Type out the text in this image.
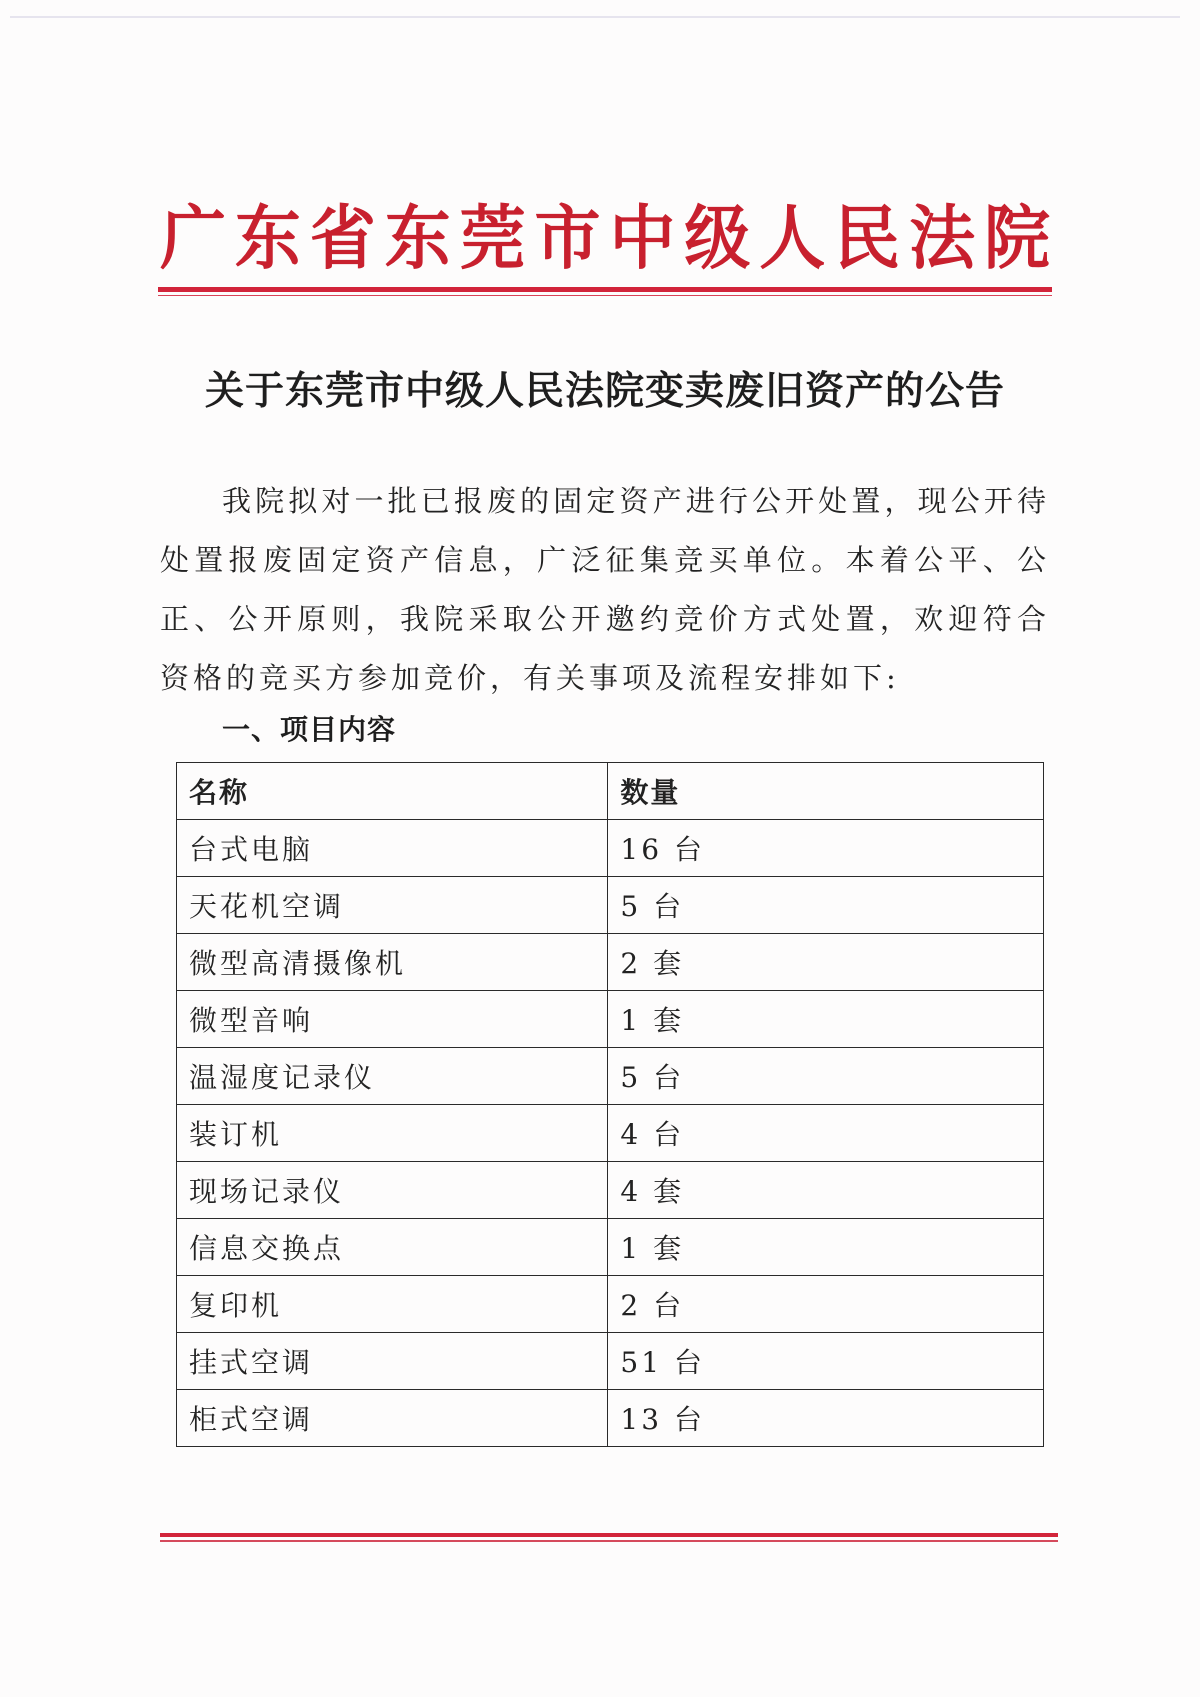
广 东 省 东 莞 市 中 级 人 民 法 院
关于东莞市中级人民法院变卖废旧资产的公告

我院拟对一批已报废的固定资产进行公开处置，现公开待处置报废固定资产信息，广泛征集竞买单位。本着公平、公正、公开原则，我院采取公开邀约竞价方式处置，欢迎符合资格的竞买方参加竞价，有关事项及流程安排如下:

一、项目内容
名称	数量
台式电脑	16 台
天花机空调	5 台
微型高清摄像机	2 套
微型音响	1 套
温湿度记录仪	5 台
装订机	4 台
现场记录仪	4 套
信息交换点	1 套
复印机	2 台
挂式空调	51 台
柜式空调	13 台
